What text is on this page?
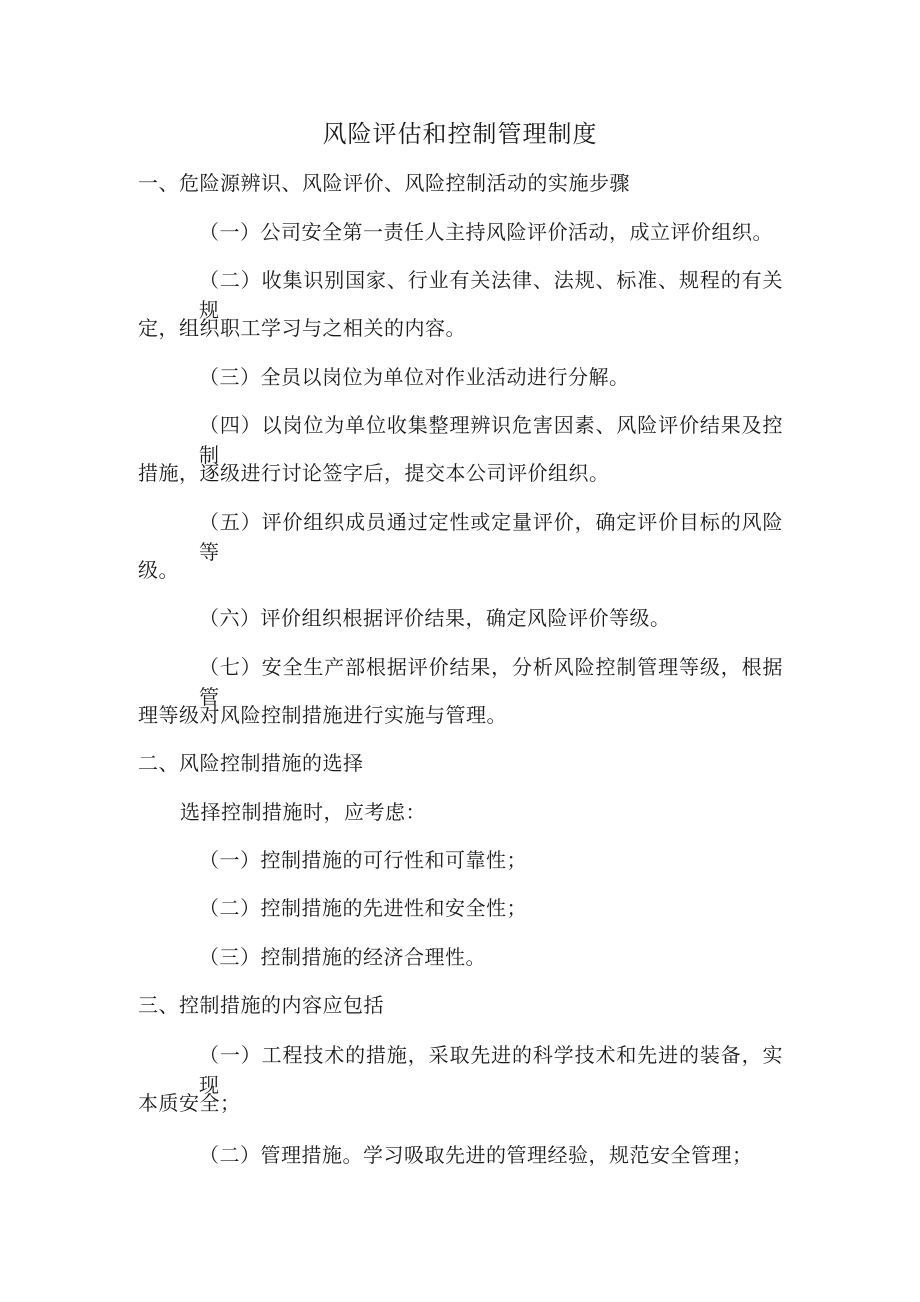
风险评估和控制管理制度
一、危险源辨识、风险评价、风险控制活动的实施步骤
（一）公司安全第一责任人主持风险评价活动，成立评价组织。
（二）收集识别国家、行业有关法律、法规、标准、规程的有关规
定，组织职工学习与之相关的内容。
（三）全员以岗位为单位对作业活动进行分解。
（四）以岗位为单位收集整理辨识危害因素、风险评价结果及控制
措施，逐级进行讨论签字后，提交本公司评价组织。
（五）评价组织成员通过定性或定量评价，确定评价目标的风险等
级。
（六）评价组织根据评价结果，确定风险评价等级。
（七）安全生产部根据评价结果，分析风险控制管理等级，根据管
理等级对风险控制措施进行实施与管理。
二、风险控制措施的选择
选择控制措施时，应考虑：
（一）控制措施的可行性和可靠性；
（二）控制措施的先进性和安全性；
（三）控制措施的经济合理性。
三、控制措施的内容应包括
（一）工程技术的措施，采取先进的科学技术和先进的装备，实现
本质安全；
（二）管理措施。学习吸取先进的管理经验，规范安全管理；
